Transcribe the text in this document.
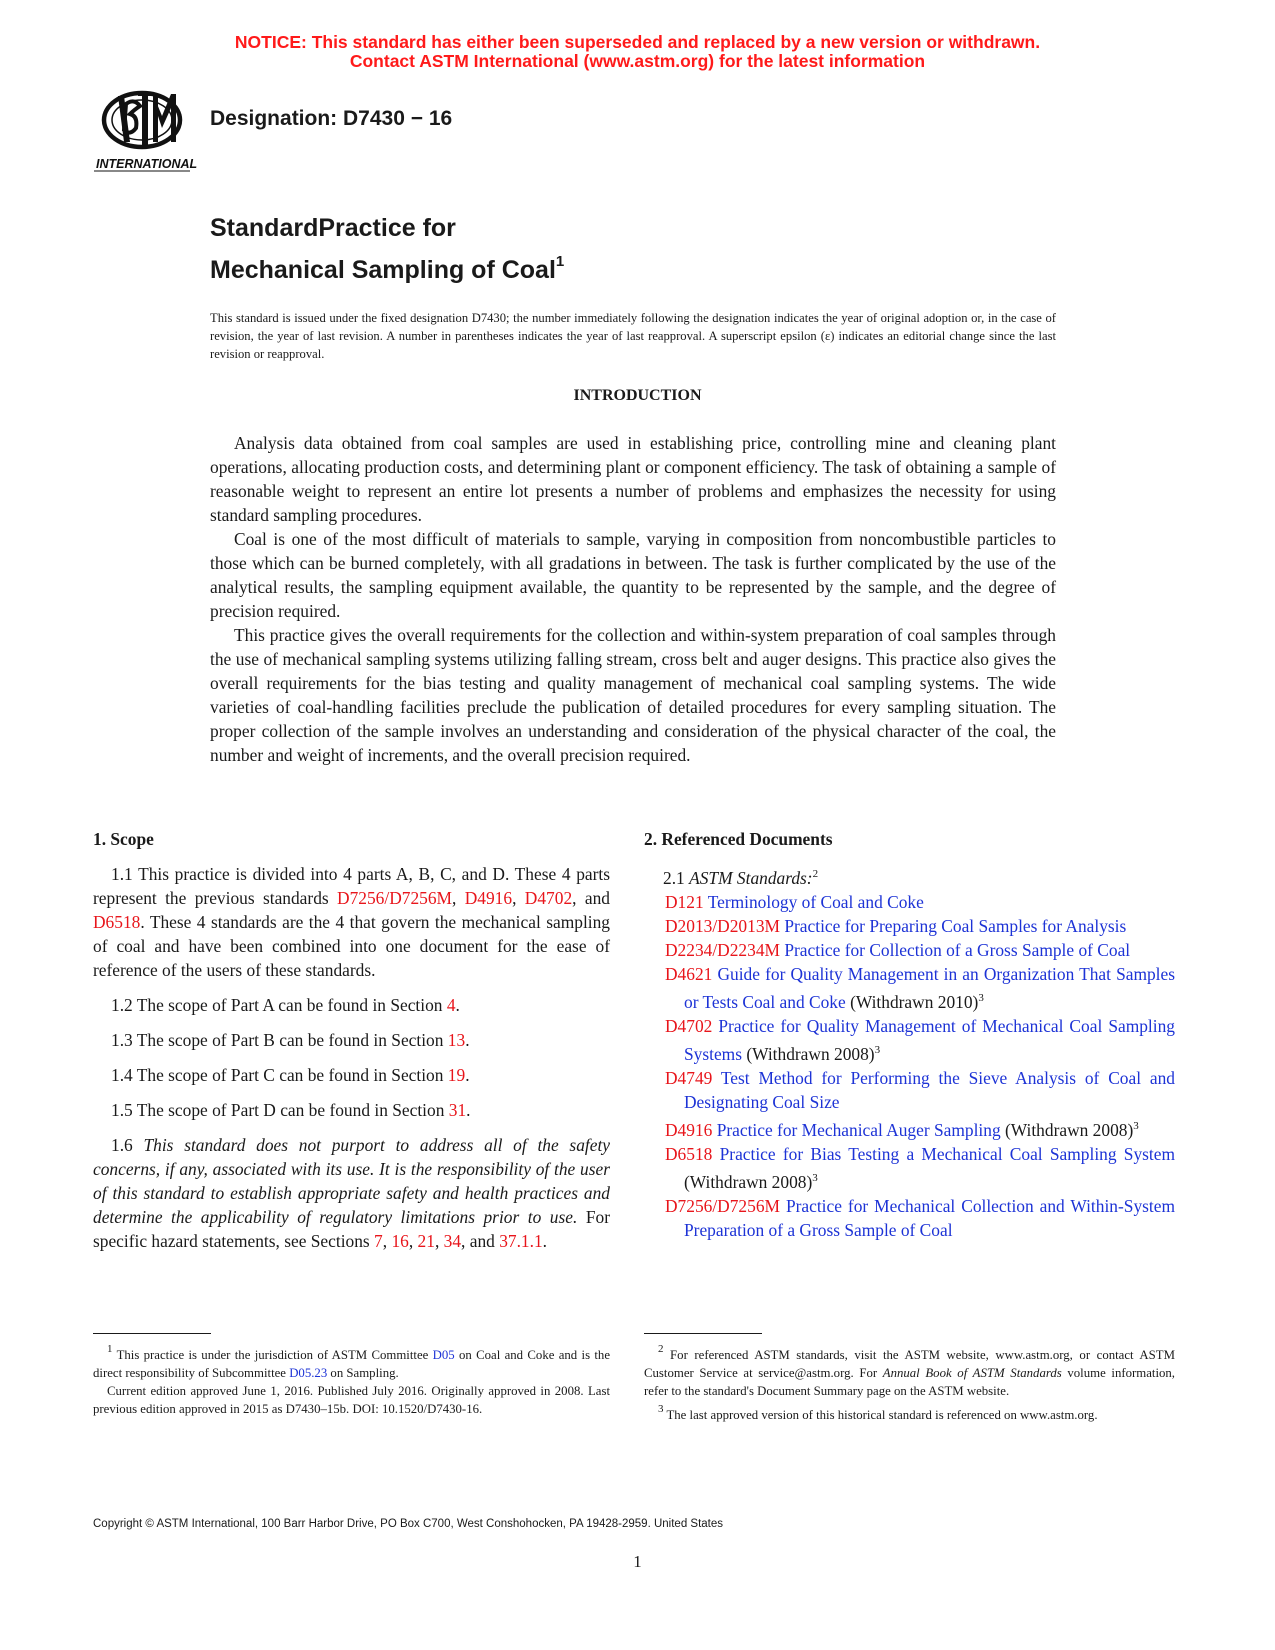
NOTICE: This standard has either been superseded and replaced by a new version or withdrawn.
Contact ASTM International (www.astm.org) for the latest information
INTERNATIONAL
Designation: D7430 − 16
StandardPractice for
Mechanical Sampling of Coal$^1$
This standard is issued under the fixed designation D7430; the number immediately following the designation indicates the year of original adoption or, in the case of revision, the year of last revision. A number in parentheses indicates the year of last reapproval. A superscript epsilon (ε) indicates an editorial change since the last revision or reapproval.
INTRODUCTION

Analysis data obtained from coal samples are used in establishing price, controlling mine and cleaning plant operations, allocating production costs, and determining plant or component efficiency. The task of obtaining a sample of reasonable weight to represent an entire lot presents a number of problems and emphasizes the necessity for using standard sampling procedures.

Coal is one of the most difficult of materials to sample, varying in composition from noncombustible particles to those which can be burned completely, with all gradations in between. The task is further complicated by the use of the analytical results, the sampling equipment available, the quantity to be represented by the sample, and the degree of precision required.

This practice gives the overall requirements for the collection and within-system preparation of coal samples through the use of mechanical sampling systems utilizing falling stream, cross belt and auger designs. This practice also gives the overall requirements for the bias testing and quality management of mechanical coal sampling systems. The wide varieties of coal-handling facilities preclude the publication of detailed procedures for every sampling situation. The proper collection of the sample involves an understanding and consideration of the physical character of the coal, the number and weight of increments, and the overall precision required.

1. Scope

1.1 This practice is divided into 4 parts A, B, C, and D. These 4 parts represent the previous standards D7256/D7256M, D4916, D4702, and D6518. These 4 standards are the 4 that govern the mechanical sampling of coal and have been combined into one document for the ease of reference of the users of these standards.

1.2 The scope of Part A can be found in Section 4.

1.3 The scope of Part B can be found in Section 13.

1.4 The scope of Part C can be found in Section 19.

1.5 The scope of Part D can be found in Section 31.

1.6 This standard does not purport to address all of the safety concerns, if any, associated with its use. It is the responsibility of the user of this standard to establish appropriate safety and health practices and determine the applicability of regulatory limitations prior to use. For specific hazard statements, see Sections 7, 16, 21, 34, and 37.1.1.

2. Referenced Documents
2.1 ASTM Standards:$^2$

D121 Terminology of Coal and Coke

D2013/D2013M Practice for Preparing Coal Samples for Analysis

D2234/D2234M Practice for Collection of a Gross Sample of Coal

D4621 Guide for Quality Management in an Organization That Samples or Tests Coal and Coke (Withdrawn 2010)$^3$

D4702 Practice for Quality Management of Mechanical Coal Sampling Systems (Withdrawn 2008)$^3$

D4749 Test Method for Performing the Sieve Analysis of Coal and Designating Coal Size

D4916 Practice for Mechanical Auger Sampling (Withdrawn 2008)$^3$

D6518 Practice for Bias Testing a Mechanical Coal Sampling System (Withdrawn 2008)$^3$

D7256/D7256M Practice for Mechanical Collection and Within-System Preparation of a Gross Sample of Coal

$^1$ This practice is under the jurisdiction of ASTM Committee D05 on Coal and Coke and is the direct responsibility of Subcommittee D05.23 on Sampling.

Current edition approved June 1, 2016. Published July 2016. Originally approved in 2008. Last previous edition approved in 2015 as D7430–15b. DOI: 10.1520/D7430-16.

$^2$ For referenced ASTM standards, visit the ASTM website, www.astm.org, or contact ASTM Customer Service at service@astm.org. For Annual Book of ASTM Standards volume information, refer to the standard's Document Summary page on the ASTM website.

$^3$ The last approved version of this historical standard is referenced on www.astm.org.

Copyright © ASTM International, 100 Barr Harbor Drive, PO Box C700, West Conshohocken, PA 19428-2959. United States
1
